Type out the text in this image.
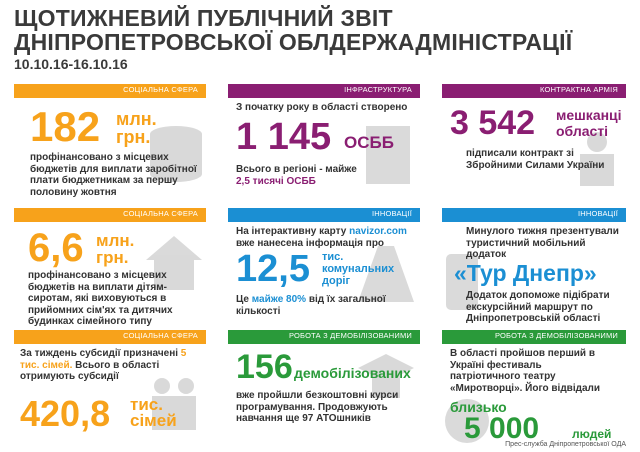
ЩОТИЖНЕВИЙ ПУБЛІЧНИЙ ЗВІТ
ДНІПРОПЕТРОВСЬКОЇ ОБЛДЕРЖАДМІНІСТРАЦІЇ
10.10.16-16.10.16
СОЦІАЛЬНА СФЕРА
182 млн.
грн.
профінансовано з місцевих бюджетів для виплати заробітної плати бюджетникам за першу половину жовтня
ІНФРАСТРУКТУРА
З початку року в області створено
1 145 ОСББ
Всього в регіоні - майже
2,5 тисячі ОСББ
КОНТРАКТНА АРМІЯ
3 542 мешканці
області
підписали контракт зі Збройними Силами України
СОЦІАЛЬНА СФЕРА
6,6 млн.
грн.
профінансовано з місцевих бюджетів на виплати дітям-сиротам, які виховуються в прийомних сім'ях та дитячих будинках сімейного типу
ІННОВАЦІЇ
На інтерактивну карту navizor.com вже нанесена інформація про
12,5 тис.
комунальних
доріг
Це майже 80% від їх загальної кількості
ІННОВАЦІЇ
Минулого тижня презентували туристичний мобільний додаток
«Тур Днепр»
Додаток допоможе підібрати екскурсійний маршрут по Дніпропетровській області
СОЦІАЛЬНА СФЕРА
За тиждень субсидії призначені 5 тис. сімей. Всього в області отримують субсидії
420,8 тис.
сімей
РОБОТА З ДЕМОБІЛІЗОВАНИМИ
156 демобілізованих
вже пройшли безкоштовні курси програмування. Продовжують навчання ще 97 АТОшників
РОБОТА З ДЕМОБІЛІЗОВАНИМИ
В області пройшов перший в Україні фестиваль патріотичного театру «Миротворці». Його відвідали
близько
5 000	людей
Прес-служба Дніпропетровської ОДА
